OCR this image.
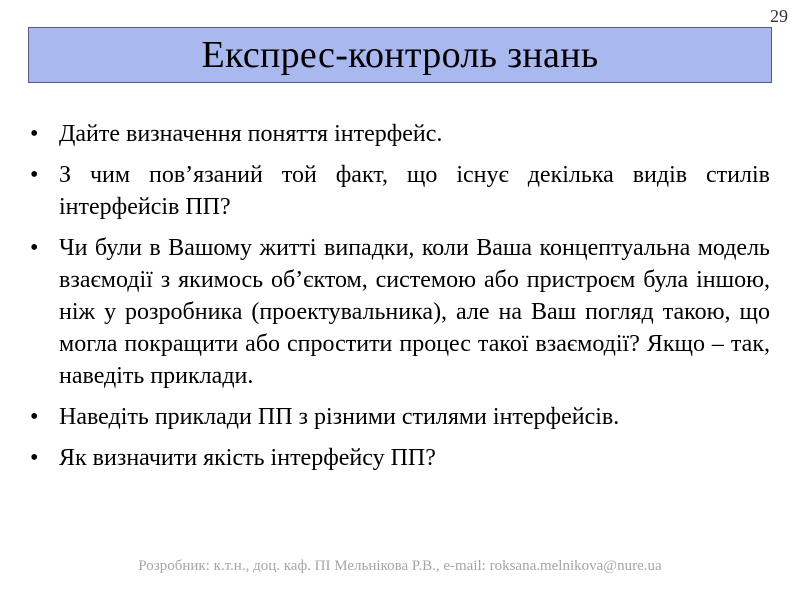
29
Експрес-контроль знань
• Дайте визначення поняття інтерфейс.
• З чим пов’язаний той факт, що існує декілька видів стилів інтерфейсів ПП?
• Чи були в Вашому житті випадки, коли Ваша концептуальна модель взаємодії з якимось об’єктом, системою або пристроєм була іншою, ніж у розробника (проектувальника), але на Ваш погляд такою, що могла покращити або спростити процес такої взаємодії? Якщо – так, наведіть приклади.
• Наведіть приклади ПП з різними стилями інтерфейсів.
• Як визначити якість інтерфейсу ПП?
Розробник: к.т.н., доц. каф. ПІ Мельнікова Р.В., e-mail: roksana.melnikova@nure.ua
